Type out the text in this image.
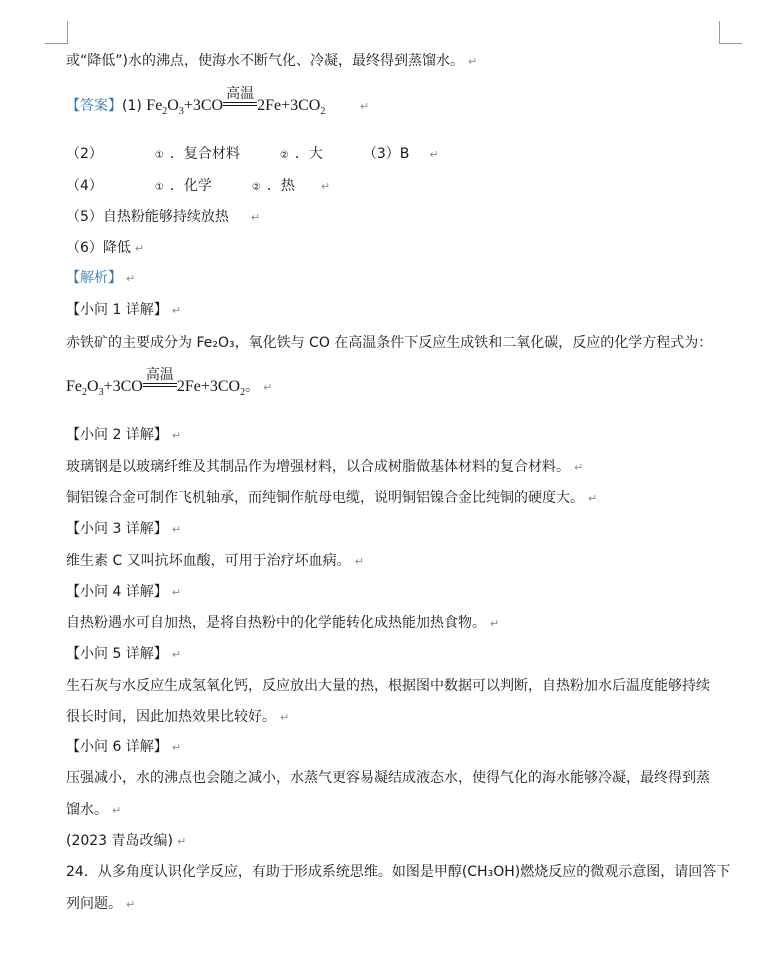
或“降低”)水的沸点，使海水不断气化、冷凝，最终得到蒸馏水。 ↵
【答案】(1) $Fe_2O_3+3CO$
高温
$2Fe+3CO_2$	↵
（2）	① ．复合材料	② ．大	（3）B ↵
（4）	① ．化学	② ．热 ↵
（5）自热粉能够持续放热 ↵
（6）降低 ↵
【解析】 ↵
【小问 1 详解】 ↵
赤铁矿的主要成分为 Fe₂O₃，氧化铁与 CO 在高温条件下反应生成铁和二氧化碳，反应的化学方程式为：
$Fe_2O_3+3CO$
高温
$2Fe+3CO_2$。 ↵
【小问 2 详解】 ↵
玻璃钢是以玻璃纤维及其制品作为增强材料，以合成树脂做基体材料的复合材料。 ↵
铜铝镍合金可制作飞机轴承，而纯铜作航母电缆，说明铜铝镍合金比纯铜的硬度大。 ↵
【小问 3 详解】 ↵
维生素 C 又叫抗坏血酸，可用于治疗坏血病。 ↵
【小问 4 详解】 ↵
自热粉遇水可自加热，是将自热粉中的化学能转化成热能加热食物。 ↵
【小问 5 详解】 ↵
生石灰与水反应生成氢氧化钙，反应放出大量的热，根据图中数据可以判断，自热粉加水后温度能够持续
很长时间，因此加热效果比较好。 ↵
【小问 6 详解】 ↵
压强减小，水的沸点也会随之减小，水蒸气更容易凝结成液态水，使得气化的海水能够冷凝，最终得到蒸
馏水。 ↵
(2023 青岛改编) ↵
24．从多角度认识化学反应，有助于形成系统思维。如图是甲醇(CH₃OH)燃烧反应的微观示意图，请回答下
列问题。 ↵
